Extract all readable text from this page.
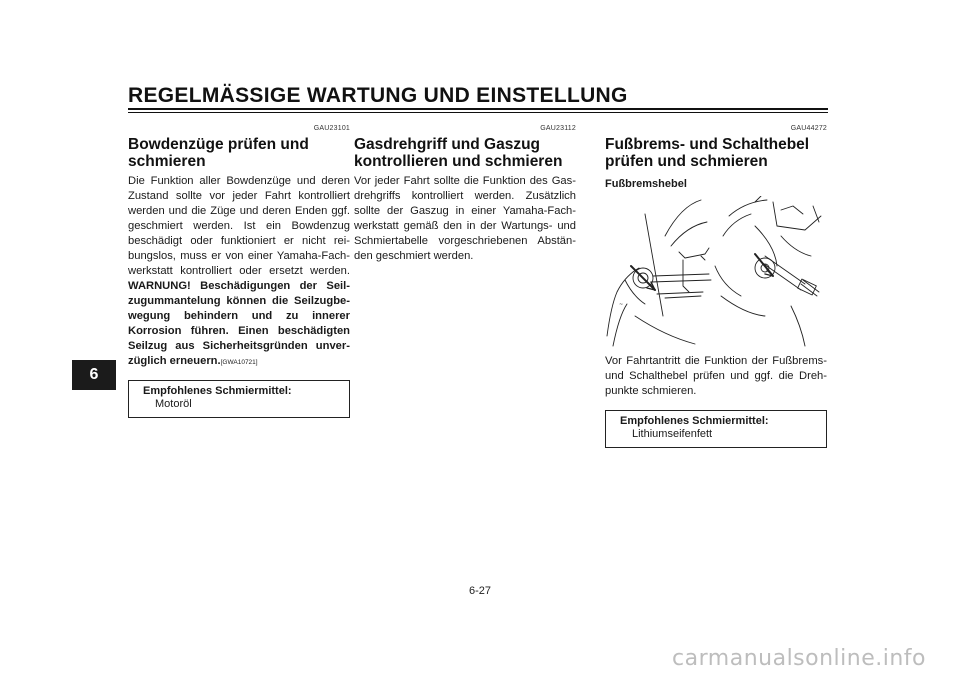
REGELMÄSSIGE WARTUNG UND EINSTELLUNG
6
GAU23101
Bowdenzüge prüfen und schmieren

Die Funktion aller Bowdenzüge und deren Zustand sollte vor jeder Fahrt kontrolliert werden und die Züge und deren Enden ggf. geschmiert werden. Ist ein Bowdenzug beschädigt oder funktioniert er nicht reibungslos, muss er von einer Yamaha-Fachwerkstatt kontrolliert oder ersetzt werden. WARNUNG! Beschädigungen der Seilzugummantelung können die Seilzugbewegung behindern und zu innerer Korrosion führen. Einen beschädigten Seilzug aus Sicherheitsgründen unverzüglich erneuern.[GWA10721]

Empfohlenes Schmiermittel:
Motoröl
GAU23112
Gasdrehgriff und Gaszug kontrollieren und schmieren

Vor jeder Fahrt sollte die Funktion des Gasdrehgriffs kontrolliert werden. Zusätzlich sollte der Gaszug in einer Yamaha-Fachwerkstatt gemäß den in der Wartungs- und Schmiertabelle vorgeschriebenen Abständen geschmiert werden.

GAU44272
Fußbrems- und Schalthebel prüfen und schmieren
Fußbremshebel
~

Vor Fahrtantritt die Funktion der Fußbrems- und Schalthebel prüfen und ggf. die Drehpunkte schmieren.

Empfohlenes Schmiermittel:
Lithiumseifenfett
6-27
carmanualsonline.info
